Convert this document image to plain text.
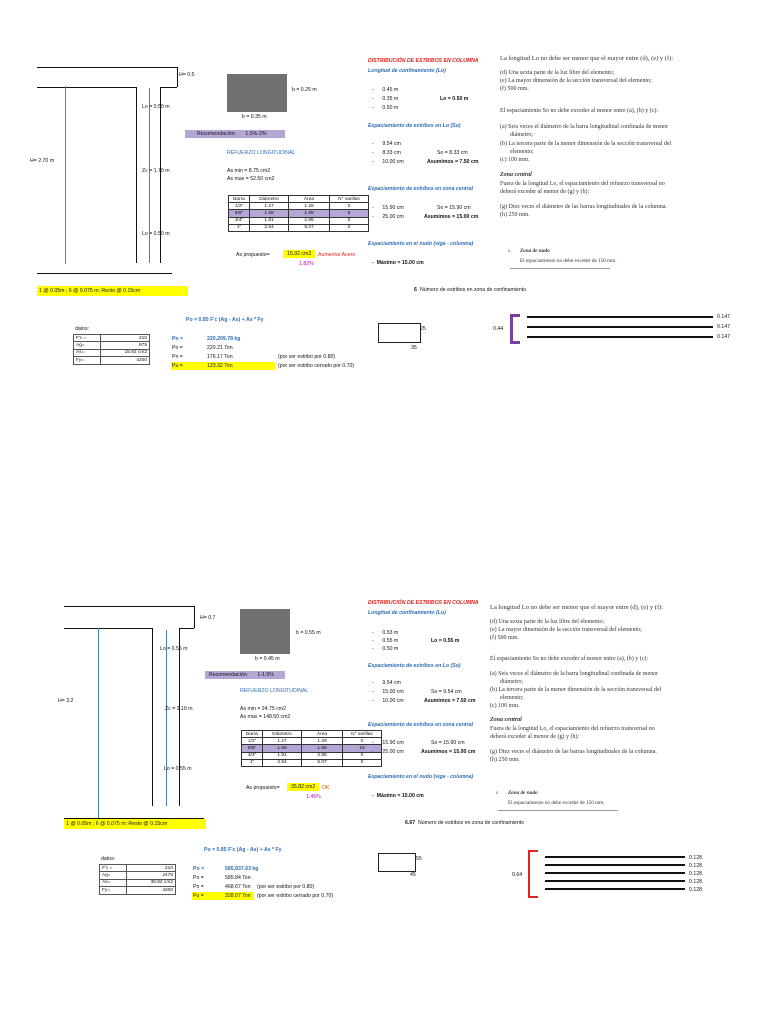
H= 0.5
Lo = 0.50 m
H= 2.70 m
Zc = 1.70 m
Lo = 0.50 m
b = 0.25 m
b = 0.35 m
Recomendación: 1.5%-2%
REFUERZO LONGITUDINAL
As min = 8.75 cm2
As max = 52.50 cm2
Barra	Diámetro	Área	N° varillas
1/2"	1.27	1.29	0
5/8"	1.59	1.99	8
3/4"	1.91	2.85	0
1"	2.54	5.07	0
As propuesto=	15.92 cm2	Aumentar Acero
1.82%
DISTRIBUCIÓN DE ESTRIBOS EN COLUMNA
Longitud de confinamiento (Lo)
-      0.45 m
-      0.35 m	Lo = 0.50 m
-      0.50 m
Espaciamiento de estribos en Lo (So)
-      9.54 cm
-      8.33 cm	So = 8.33 cm
-      10.00 cm	Asumimos = 7.50 cm
Espaciamiento de estribos en zona central
-      15.90 cm	So = 15.90 cm
-      25.00 cm	Asumimos = 15.00 cm
Espaciamiento en el nudo (viga - columna)
-  Máximo = 15.00 cm
La longitud Lo no debe ser menor que el mayor entre (d), (e) y (f):
(d) Una sexta parte de la luz libre del elemento;
(e) La mayor dimensión de la sección transversal del elemento;
(f) 500 mm.
El espaciamiento So no debe exceder al menor entre (a), (b) y (c):
(a) Seis veces el diámetro de la barra longitudinal confinada de menor
diámetro;
(b) La tercera parte de la menor dimensión de la sección transversal del
elemento;
(c) 100 mm.
Zona central
Fuera de la longitud Lo, el espaciamiento del refuerzo transversal no
deberá exceder al menor de (g) y (h):
(g) Diez veces el diámetro de las barras longitudinales de la columna.
(h) 250 mm.
c. Zona de nudo
El espaciamiento no debe exceder de 150 mm.
1 @ 0.05m ; 6 @ 0.075 m; Resto @ 0.15cm	6 Número de estribos en zona de confinamiento
Po = 0.85 F'c (Ag - As) + As * Fy
datos:
F'c =	210
Ag=	875
As=	15.92 cm2
Fy=	4200
Po =	220,209.78 kg
Po =	220.21 Ton
Pn =	176.17 Ton	(por ser estribo por 0.80)
Pu =	123.32 Ton	(por ser estribo cerrado por 0.70)
25
35
0.44
0.147
0.147
0.147
H= 0.7
Lo = 0.55 m
H= 3.2
Zc = 2.10 m
Lo = 0.55 m
b = 0.55 m
b = 0.45 m
Recomendación: 1-1.5%
REFUERZO LONGITUDINAL
As min = 24.75 cm2
As max = 148.50 cm2
Barra	Diámetro	Área	N° varillas
1/2"	1.27	1.29	0
5/8"	1.59	1.99	18
3/4"	1.91	2.85	0
1"	2.54	5.07	0
As propuesto=	35.82 cm2	OK
1.45%
DISTRIBUCIÓN DE ESTRIBOS EN COLUMNA
Longitud de confinamiento (Lo)
-      0.53 m
-      0.55 m	Lo = 0.55 m
-      0.50 m
Espaciamiento de estribos en Lo (So)
-      9.54 cm
-      15.00 cm	So = 9.54 cm
-      10.00 cm	Asumimos = 7.50 cm
Espaciamiento de estribos en zona central
-      15.90 cm	So = 15.90 cm
-      25.00 cm	Asumimos = 15.00 cm
Espaciamiento en el nudo (viga - columna)
-  Máximo = 15.00 cm
La longitud Lo no debe ser menor que el mayor entre (d), (e) y (f):
(d) Una sexta parte de la luz libre del elemento;
(e) La mayor dimensión de la sección transversal del elemento;
(f) 500 mm.
El espaciamiento So no debe exceder al menor entre (a), (b) y (c):
(a) Seis veces el diámetro de la barra longitudinal confinada de menor
diámetro;
(b) La tercera parte de la menor dimensión de la sección transversal del
elemento;
(c) 100 mm.
Zona central
Fuera de la longitud Lo, el espaciamiento del refuerzo transversal no
deberá exceder al menor de (g) y (h):
(g) Diez veces el diámetro de las barras longitudinales de la columna.
(h) 250 mm.
c. Zona de nudo
El espaciamiento no debe exceder de 150 mm.
1 @ 0.05m ; 6 @ 0.075 m; Resto @ 0.15cm	6.67 Número de estribos en zona de confinamiento
Po = 0.85 F'c (Ag - As) + As * Fy
datos:
F'c =	210
Ag=	2475
As=	35.82 cm2
Fy=	4200
Po =	585,837.63 kg
Po =	585.84 Ton
Pn =	468.67 Ton (por ser estribo por 0.80)
Pu =	328.07 Ton (por ser estribo cerrado por 0.70)
55
45	0.64
0.128
0.128
0.128
0.128
0.128
